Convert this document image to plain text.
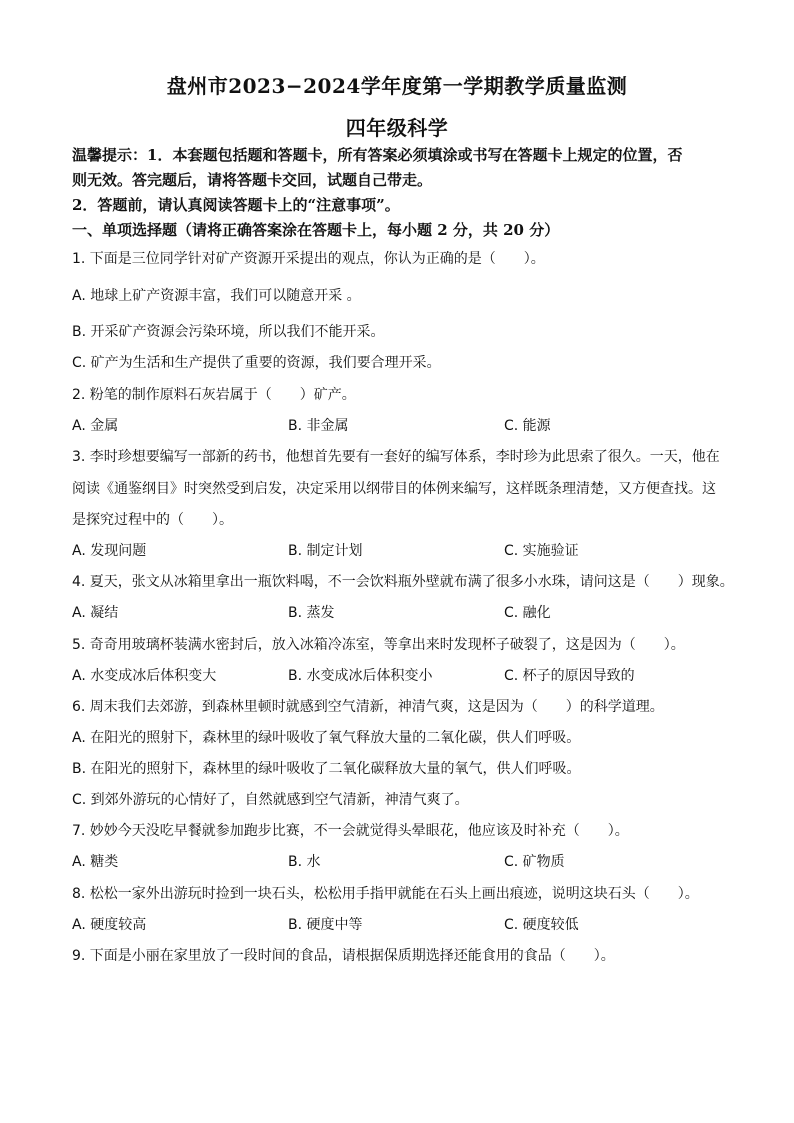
盘州市2023−2024学年度第一学期教学质量监测
四年级科学
温馨提示：1．本套题包括题和答题卡，所有答案必须填涂或书写在答题卡上规定的位置，否
则无效。答完题后，请将答题卡交回，试题自己带走。
2．答题前，请认真阅读答题卡上的“注意事项”。
一、单项选择题（请将正确答案涂在答题卡上，每小题 2 分，共 20 分）
1. 下面是三位同学针对矿产资源开采提出的观点，你认为正确的是（　　）。
A. 地球上矿产资源丰富，我们可以随意开采 。
B. 开采矿产资源会污染环境，所以我们不能开采。
C. 矿产为生活和生产提供了重要的资源，我们要合理开采。
2. 粉笔的制作原料石灰岩属于（　　）矿产。
A. 金属	B. 非金属	C. 能源
3. 李时珍想要编写一部新的药书，他想首先要有一套好的编写体系，李时珍为此思索了很久。一天，他在
阅读《通鉴纲目》时突然受到启发，决定采用以纲带目的体例来编写，这样既条理清楚，又方便查找。这
是探究过程中的（　　）。
A. 发现问题	B. 制定计划	C. 实施验证
4. 夏天，张文从冰箱里拿出一瓶饮料喝，不一会饮料瓶外壁就布满了很多小水珠，请问这是（　　）现象。
A. 凝结	B. 蒸发	C. 融化
5. 奇奇用玻璃杯装满水密封后，放入冰箱冷冻室，等拿出来时发现杯子破裂了，这是因为（　　）。
A. 水变成冰后体积变大	B. 水变成冰后体积变小	C. 杯子的原因导致的
6. 周末我们去郊游，到森林里顿时就感到空气清新，神清气爽，这是因为（　　）的科学道理。
A. 在阳光的照射下，森林里的绿叶吸收了氧气释放大量的二氧化碳，供人们呼吸。
B. 在阳光的照射下，森林里的绿叶吸收了二氧化碳释放大量的氧气，供人们呼吸。
C. 到郊外游玩的心情好了，自然就感到空气清新，神清气爽了。
7. 妙妙今天没吃早餐就参加跑步比赛，不一会就觉得头晕眼花，他应该及时补充（　　）。
A. 糖类	B. 水	C. 矿物质
8. 松松一家外出游玩时捡到一块石头，松松用手指甲就能在石头上画出痕迹，说明这块石头（　　）。
A. 硬度较高	B. 硬度中等	C. 硬度较低
9. 下面是小丽在家里放了一段时间的食品，请根据保质期选择还能食用的食品（　　）。
